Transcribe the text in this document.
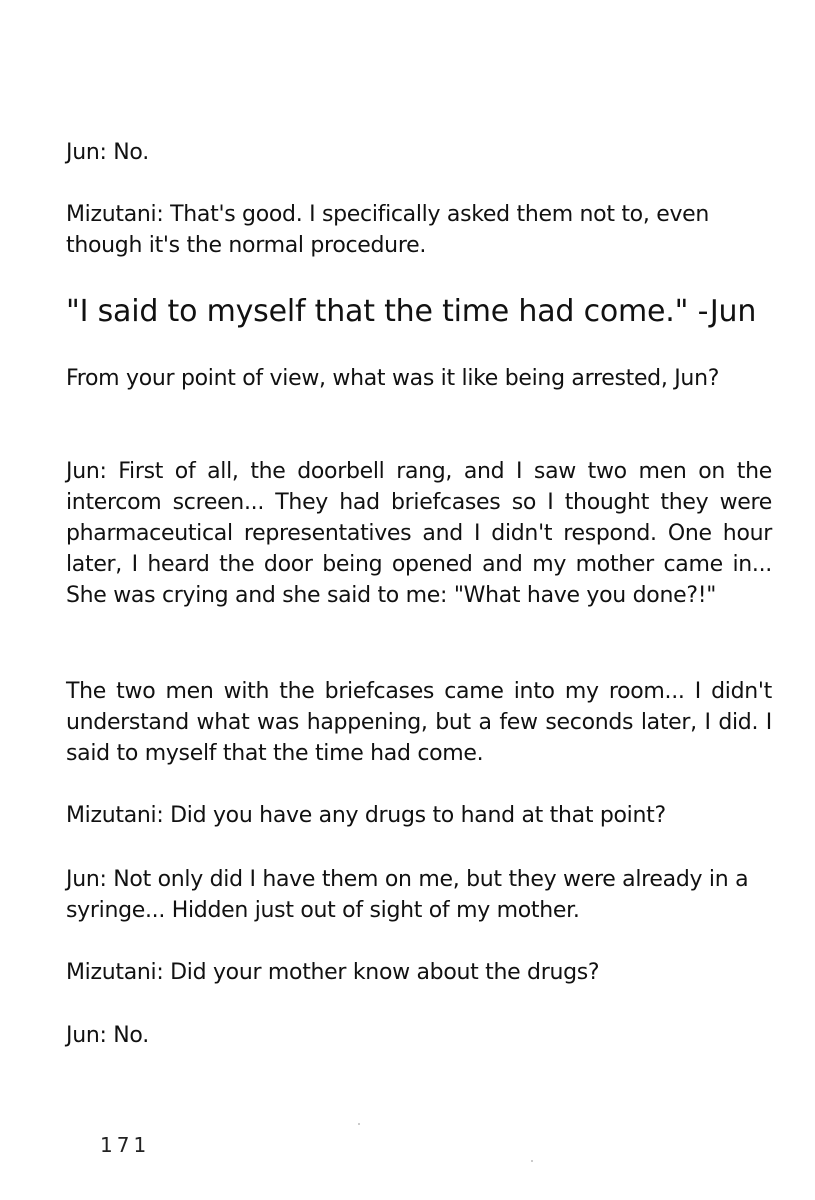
Jun: No.

Mizutani: That's good. I specifically asked them not to, even though it's the normal procedure.

"I said to myself that the time had come." -Jun

From your point of view, what was it like being arrested, Jun?

Jun: First of all, the doorbell rang, and I saw two men on the intercom screen... They had briefcases so I thought they were pharmaceutical representatives and I didn't respond. One hour later, I heard the door being opened and my mother came in... She was crying and she said to me: "What have you done?!"

The two men with the briefcases came into my room... I didn't understand what was happening, but a few seconds later, I did. I said to myself that the time had come.

Mizutani: Did you have any drugs to hand at that point?

Jun: Not only did I have them on me, but they were already in a syringe... Hidden just out of sight of my mother.

Mizutani: Did your mother know about the drugs?

Jun: No.

171
